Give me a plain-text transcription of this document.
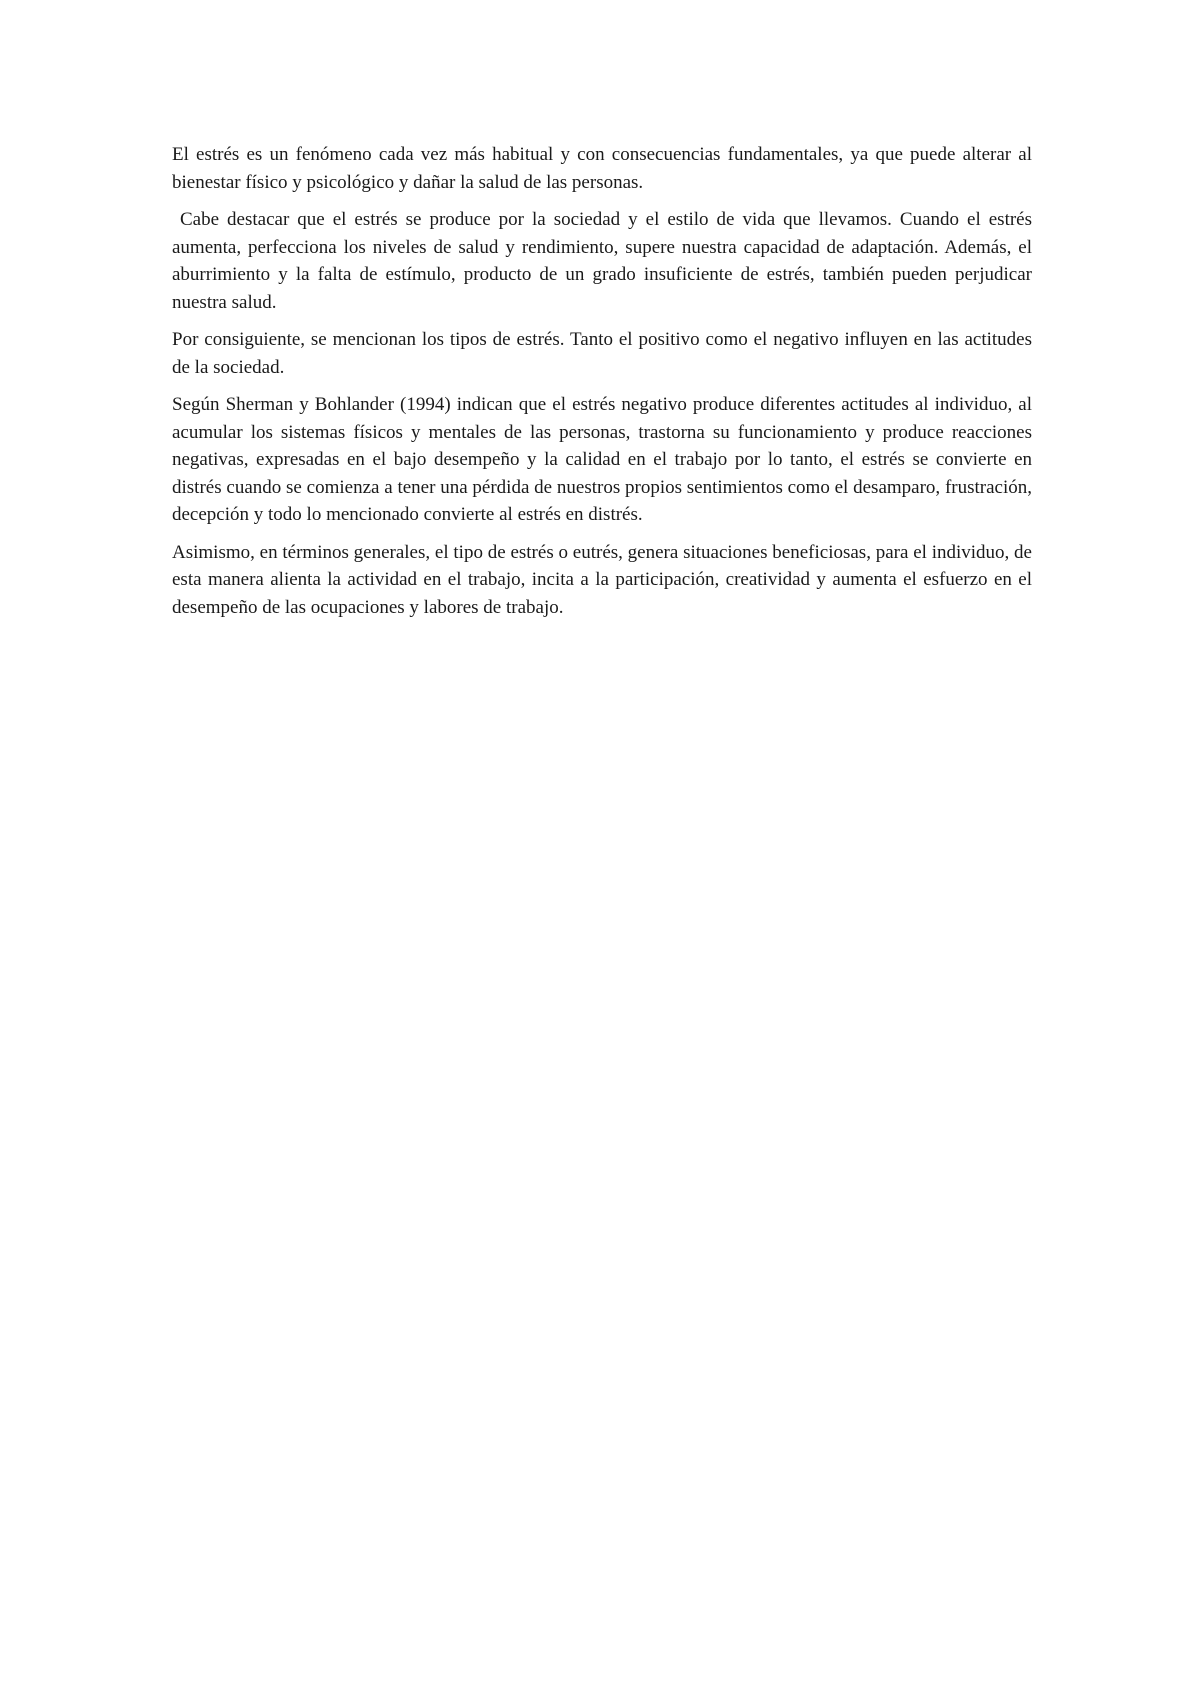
El estrés es un fenómeno cada vez más habitual y con consecuencias fundamentales, ya que puede alterar al bienestar físico y psicológico y dañar la salud de las personas.

Cabe destacar que el estrés se produce por la sociedad y el estilo de vida que llevamos. Cuando el estrés aumenta, perfecciona los niveles de salud y rendimiento, supere nuestra capacidad de adaptación. Además, el aburrimiento y la falta de estímulo, producto de un grado insuficiente de estrés, también pueden perjudicar nuestra salud.

Por consiguiente, se mencionan los tipos de estrés. Tanto el positivo como el negativo influyen en las actitudes de la sociedad.

Según Sherman y Bohlander (1994) indican que el estrés negativo produce diferentes actitudes al individuo, al acumular los sistemas físicos y mentales de las personas, trastorna su funcionamiento y produce reacciones negativas, expresadas en el bajo desempeño y la calidad en el trabajo por lo tanto, el estrés se convierte en distrés cuando se comienza a tener una pérdida de nuestros propios sentimientos como el desamparo, frustración, decepción y todo lo mencionado convierte al estrés en distrés.

Asimismo, en términos generales, el tipo de estrés o eutrés, genera situaciones beneficiosas, para el individuo, de esta manera alienta la actividad en el trabajo, incita a la participación, creatividad y aumenta el esfuerzo en el desempeño de las ocupaciones y labores de trabajo.
